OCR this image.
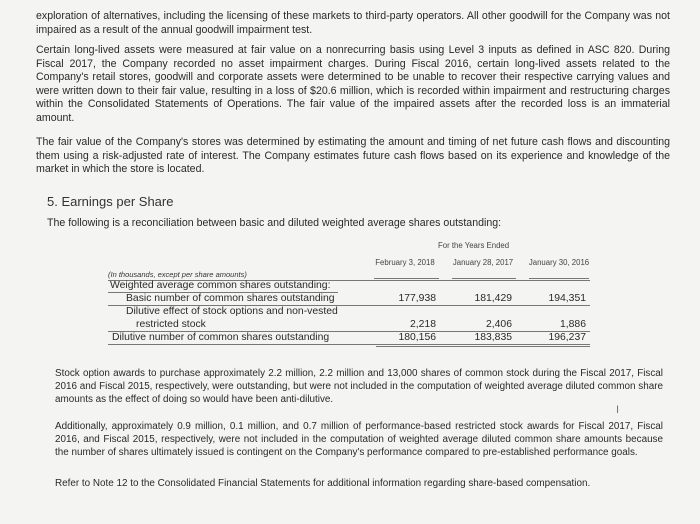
exploration of alternatives, including the licensing of these markets to third-party operators. All other goodwill for the Company was not impaired as a result of the annual goodwill impairment test.
Certain long-lived assets were measured at fair value on a nonrecurring basis using Level 3 inputs as defined in ASC 820. During Fiscal 2017, the Company recorded no asset impairment charges. During Fiscal 2016, certain long-lived assets related to the Company's retail stores, goodwill and corporate assets were determined to be unable to recover their respective carrying values and were written down to their fair value, resulting in a loss of $20.6 million, which is recorded within impairment and restructuring charges within the Consolidated Statements of Operations. The fair value of the impaired assets after the recorded loss is an immaterial amount.
The fair value of the Company's stores was determined by estimating the amount and timing of net future cash flows and discounting them using a risk-adjusted rate of interest. The Company estimates future cash flows based on its experience and knowledge of the market in which the store is located.
5. Earnings per Share
The following is a reconciliation between basic and diluted weighted average shares outstanding:
For the Years Ended
February 3, 2018	January 28, 2017	January 30, 2016
(In thousands, except per share amounts)
Weighted average common shares outstanding:
Basic number of common shares outstanding	177,938	181,429	194,351
Dilutive effect of stock options and non-vested
restricted stock	2,218	2,406	1,886
Dilutive number of common shares outstanding	180,156	183,835	196,237
Stock option awards to purchase approximately 2.2 million, 2.2 million and 13,000 shares of common stock during the Fiscal 2017, Fiscal 2016 and Fiscal 2015, respectively, were outstanding, but were not included in the computation of weighted average diluted common share amounts as the effect of doing so would have been anti-dilutive.
I
Additionally, approximately 0.9 million, 0.1 million, and 0.7 million of performance-based restricted stock awards for Fiscal 2017, Fiscal 2016, and Fiscal 2015, respectively, were not included in the computation of weighted average diluted common share amounts because the number of shares ultimately issued is contingent on the Company's performance compared to pre-established performance goals.
Refer to Note 12 to the Consolidated Financial Statements for additional information regarding share-based compensation.
